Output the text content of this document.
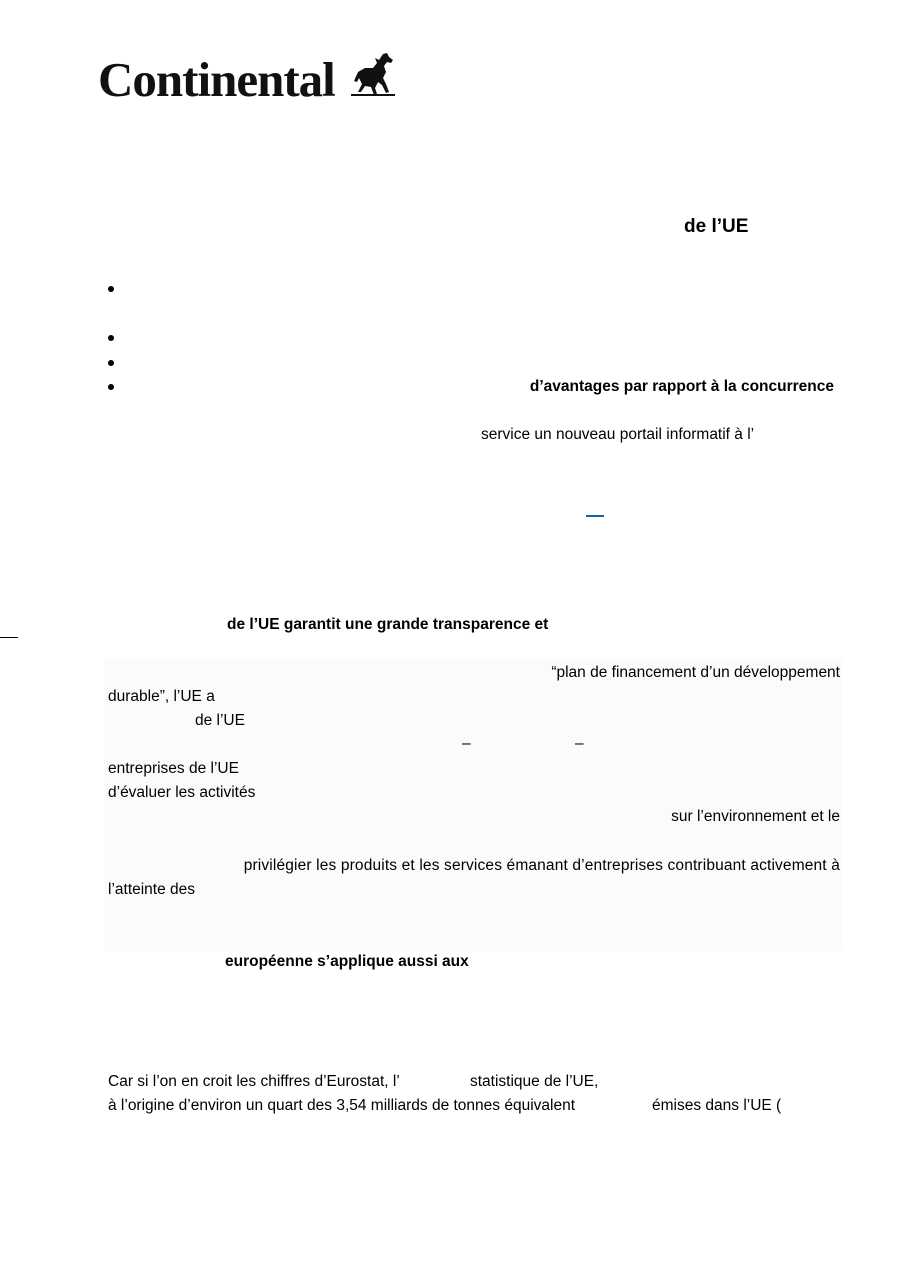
Continental
de l’UE
d’avantages par rapport à la concurrence
service un nouveau portail informatif à l’
de l’UE garantit une grande transparence et
“plan de financement d’un développement
durable”, l’UE a
de l’UE
–	–
entreprises de l’UE
d’évaluer les activités
sur l’environnement et le
privilégier les produits et les services émanant d’entreprises contribuant activement à
l’atteinte des
européenne s’applique aussi aux
Car si l’on en croit les chiffres d’Eurostat, l’	statistique de l’UE,
à l’origine d’environ un quart des 3,54 milliards de tonnes équivalent	émises dans l’UE (
